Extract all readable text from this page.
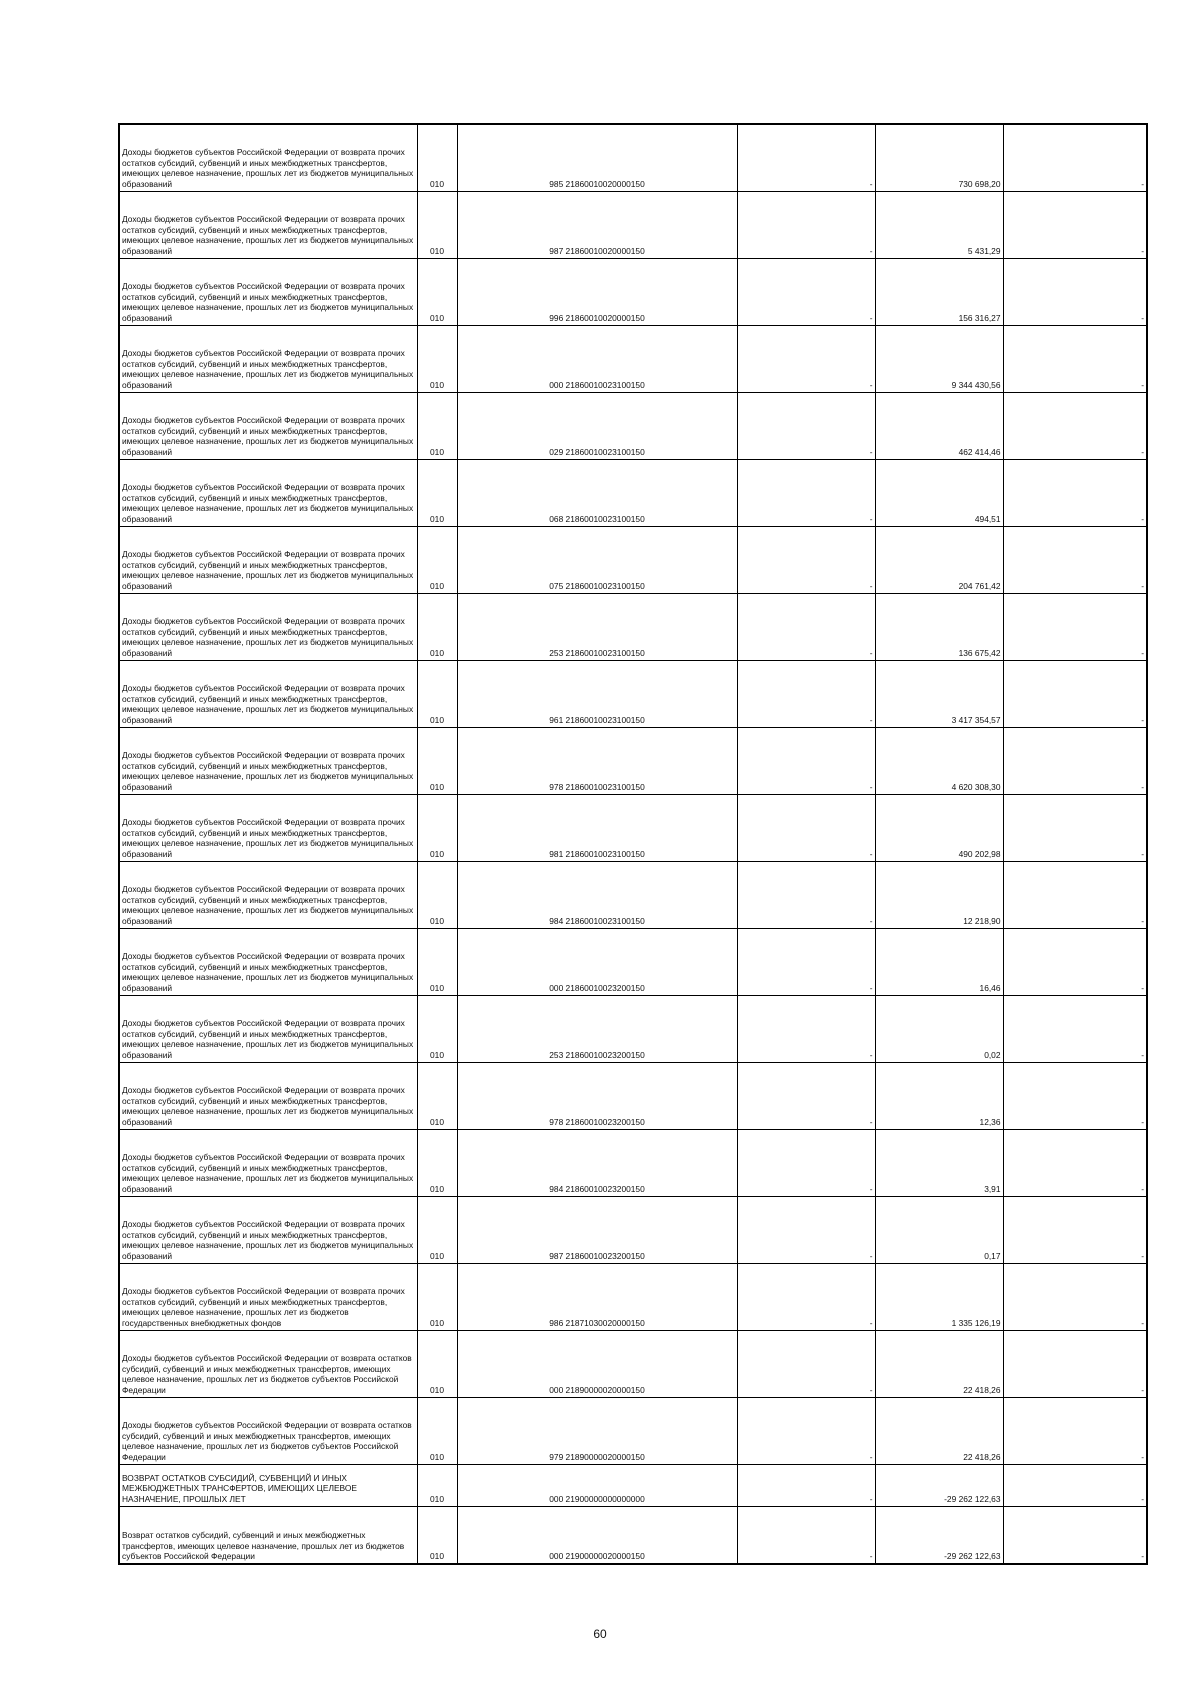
Доходы бюджетов субъектов Российской Федерации от возврата прочих остатков субсидий, субвенций и иных межбюджетных трансфертов, имеющих целевое назначение, прошлых лет из бюджетов муниципальных образований	010	985 21860010020000150	-	730 698,20	-
Доходы бюджетов субъектов Российской Федерации от возврата прочих остатков субсидий, субвенций и иных межбюджетных трансфертов, имеющих целевое назначение, прошлых лет из бюджетов муниципальных образований	010	987 21860010020000150	-	5 431,29	-
Доходы бюджетов субъектов Российской Федерации от возврата прочих остатков субсидий, субвенций и иных межбюджетных трансфертов, имеющих целевое назначение, прошлых лет из бюджетов муниципальных образований	010	996 21860010020000150	-	156 316,27	-
Доходы бюджетов субъектов Российской Федерации от возврата прочих остатков субсидий, субвенций и иных межбюджетных трансфертов, имеющих целевое назначение, прошлых лет из бюджетов муниципальных образований	010	000 21860010023100150	-	9 344 430,56	-
Доходы бюджетов субъектов Российской Федерации от возврата прочих остатков субсидий, субвенций и иных межбюджетных трансфертов, имеющих целевое назначение, прошлых лет из бюджетов муниципальных образований	010	029 21860010023100150	-	462 414,46	-
Доходы бюджетов субъектов Российской Федерации от возврата прочих остатков субсидий, субвенций и иных межбюджетных трансфертов, имеющих целевое назначение, прошлых лет из бюджетов муниципальных образований	010	068 21860010023100150	-	494,51	-
Доходы бюджетов субъектов Российской Федерации от возврата прочих остатков субсидий, субвенций и иных межбюджетных трансфертов, имеющих целевое назначение, прошлых лет из бюджетов муниципальных образований	010	075 21860010023100150	-	204 761,42	-
Доходы бюджетов субъектов Российской Федерации от возврата прочих остатков субсидий, субвенций и иных межбюджетных трансфертов, имеющих целевое назначение, прошлых лет из бюджетов муниципальных образований	010	253 21860010023100150	-	136 675,42	-
Доходы бюджетов субъектов Российской Федерации от возврата прочих остатков субсидий, субвенций и иных межбюджетных трансфертов, имеющих целевое назначение, прошлых лет из бюджетов муниципальных образований	010	961 21860010023100150	-	3 417 354,57	-
Доходы бюджетов субъектов Российской Федерации от возврата прочих остатков субсидий, субвенций и иных межбюджетных трансфертов, имеющих целевое назначение, прошлых лет из бюджетов муниципальных образований	010	978 21860010023100150	-	4 620 308,30	-
Доходы бюджетов субъектов Российской Федерации от возврата прочих остатков субсидий, субвенций и иных межбюджетных трансфертов, имеющих целевое назначение, прошлых лет из бюджетов муниципальных образований	010	981 21860010023100150	-	490 202,98	-
Доходы бюджетов субъектов Российской Федерации от возврата прочих остатков субсидий, субвенций и иных межбюджетных трансфертов, имеющих целевое назначение, прошлых лет из бюджетов муниципальных образований	010	984 21860010023100150	-	12 218,90	-
Доходы бюджетов субъектов Российской Федерации от возврата прочих остатков субсидий, субвенций и иных межбюджетных трансфертов, имеющих целевое назначение, прошлых лет из бюджетов муниципальных образований	010	000 21860010023200150	-	16,46	-
Доходы бюджетов субъектов Российской Федерации от возврата прочих остатков субсидий, субвенций и иных межбюджетных трансфертов, имеющих целевое назначение, прошлых лет из бюджетов муниципальных образований	010	253 21860010023200150	-	0,02	-
Доходы бюджетов субъектов Российской Федерации от возврата прочих остатков субсидий, субвенций и иных межбюджетных трансфертов, имеющих целевое назначение, прошлых лет из бюджетов муниципальных образований	010	978 21860010023200150	-	12,36	-
Доходы бюджетов субъектов Российской Федерации от возврата прочих остатков субсидий, субвенций и иных межбюджетных трансфертов, имеющих целевое назначение, прошлых лет из бюджетов муниципальных образований	010	984 21860010023200150	-	3,91	-
Доходы бюджетов субъектов Российской Федерации от возврата прочих остатков субсидий, субвенций и иных межбюджетных трансфертов, имеющих целевое назначение, прошлых лет из бюджетов муниципальных образований	010	987 21860010023200150	-	0,17	-
Доходы бюджетов субъектов Российской Федерации от возврата прочих остатков субсидий, субвенций и иных межбюджетных трансфертов, имеющих целевое назначение, прошлых лет из бюджетов государственных внебюджетных фондов	010	986 21871030020000150	-	1 335 126,19	-
Доходы бюджетов субъектов Российской Федерации от возврата остатков субсидий, субвенций и иных межбюджетных трансфертов, имеющих целевое назначение, прошлых лет из бюджетов субъектов Российской Федерации	010	000 21890000020000150	-	22 418,26	-
Доходы бюджетов субъектов Российской Федерации от возврата остатков субсидий, субвенций и иных межбюджетных трансфертов, имеющих целевое назначение, прошлых лет из бюджетов субъектов Российской Федерации	010	979 21890000020000150	-	22 418,26	-
ВОЗВРАТ ОСТАТКОВ СУБСИДИЙ, СУБВЕНЦИЙ И ИНЫХ МЕЖБЮДЖЕТНЫХ ТРАНСФЕРТОВ, ИМЕЮЩИХ ЦЕЛЕВОЕ НАЗНАЧЕНИЕ, ПРОШЛЫХ ЛЕТ	010	000 21900000000000000	-	-29 262 122,63	-
Возврат остатков субсидий, субвенций и иных межбюджетных трансфертов, имеющих целевое назначение, прошлых лет из бюджетов субъектов Российской Федерации	010	000 21900000020000150	-	-29 262 122,63	-
60
